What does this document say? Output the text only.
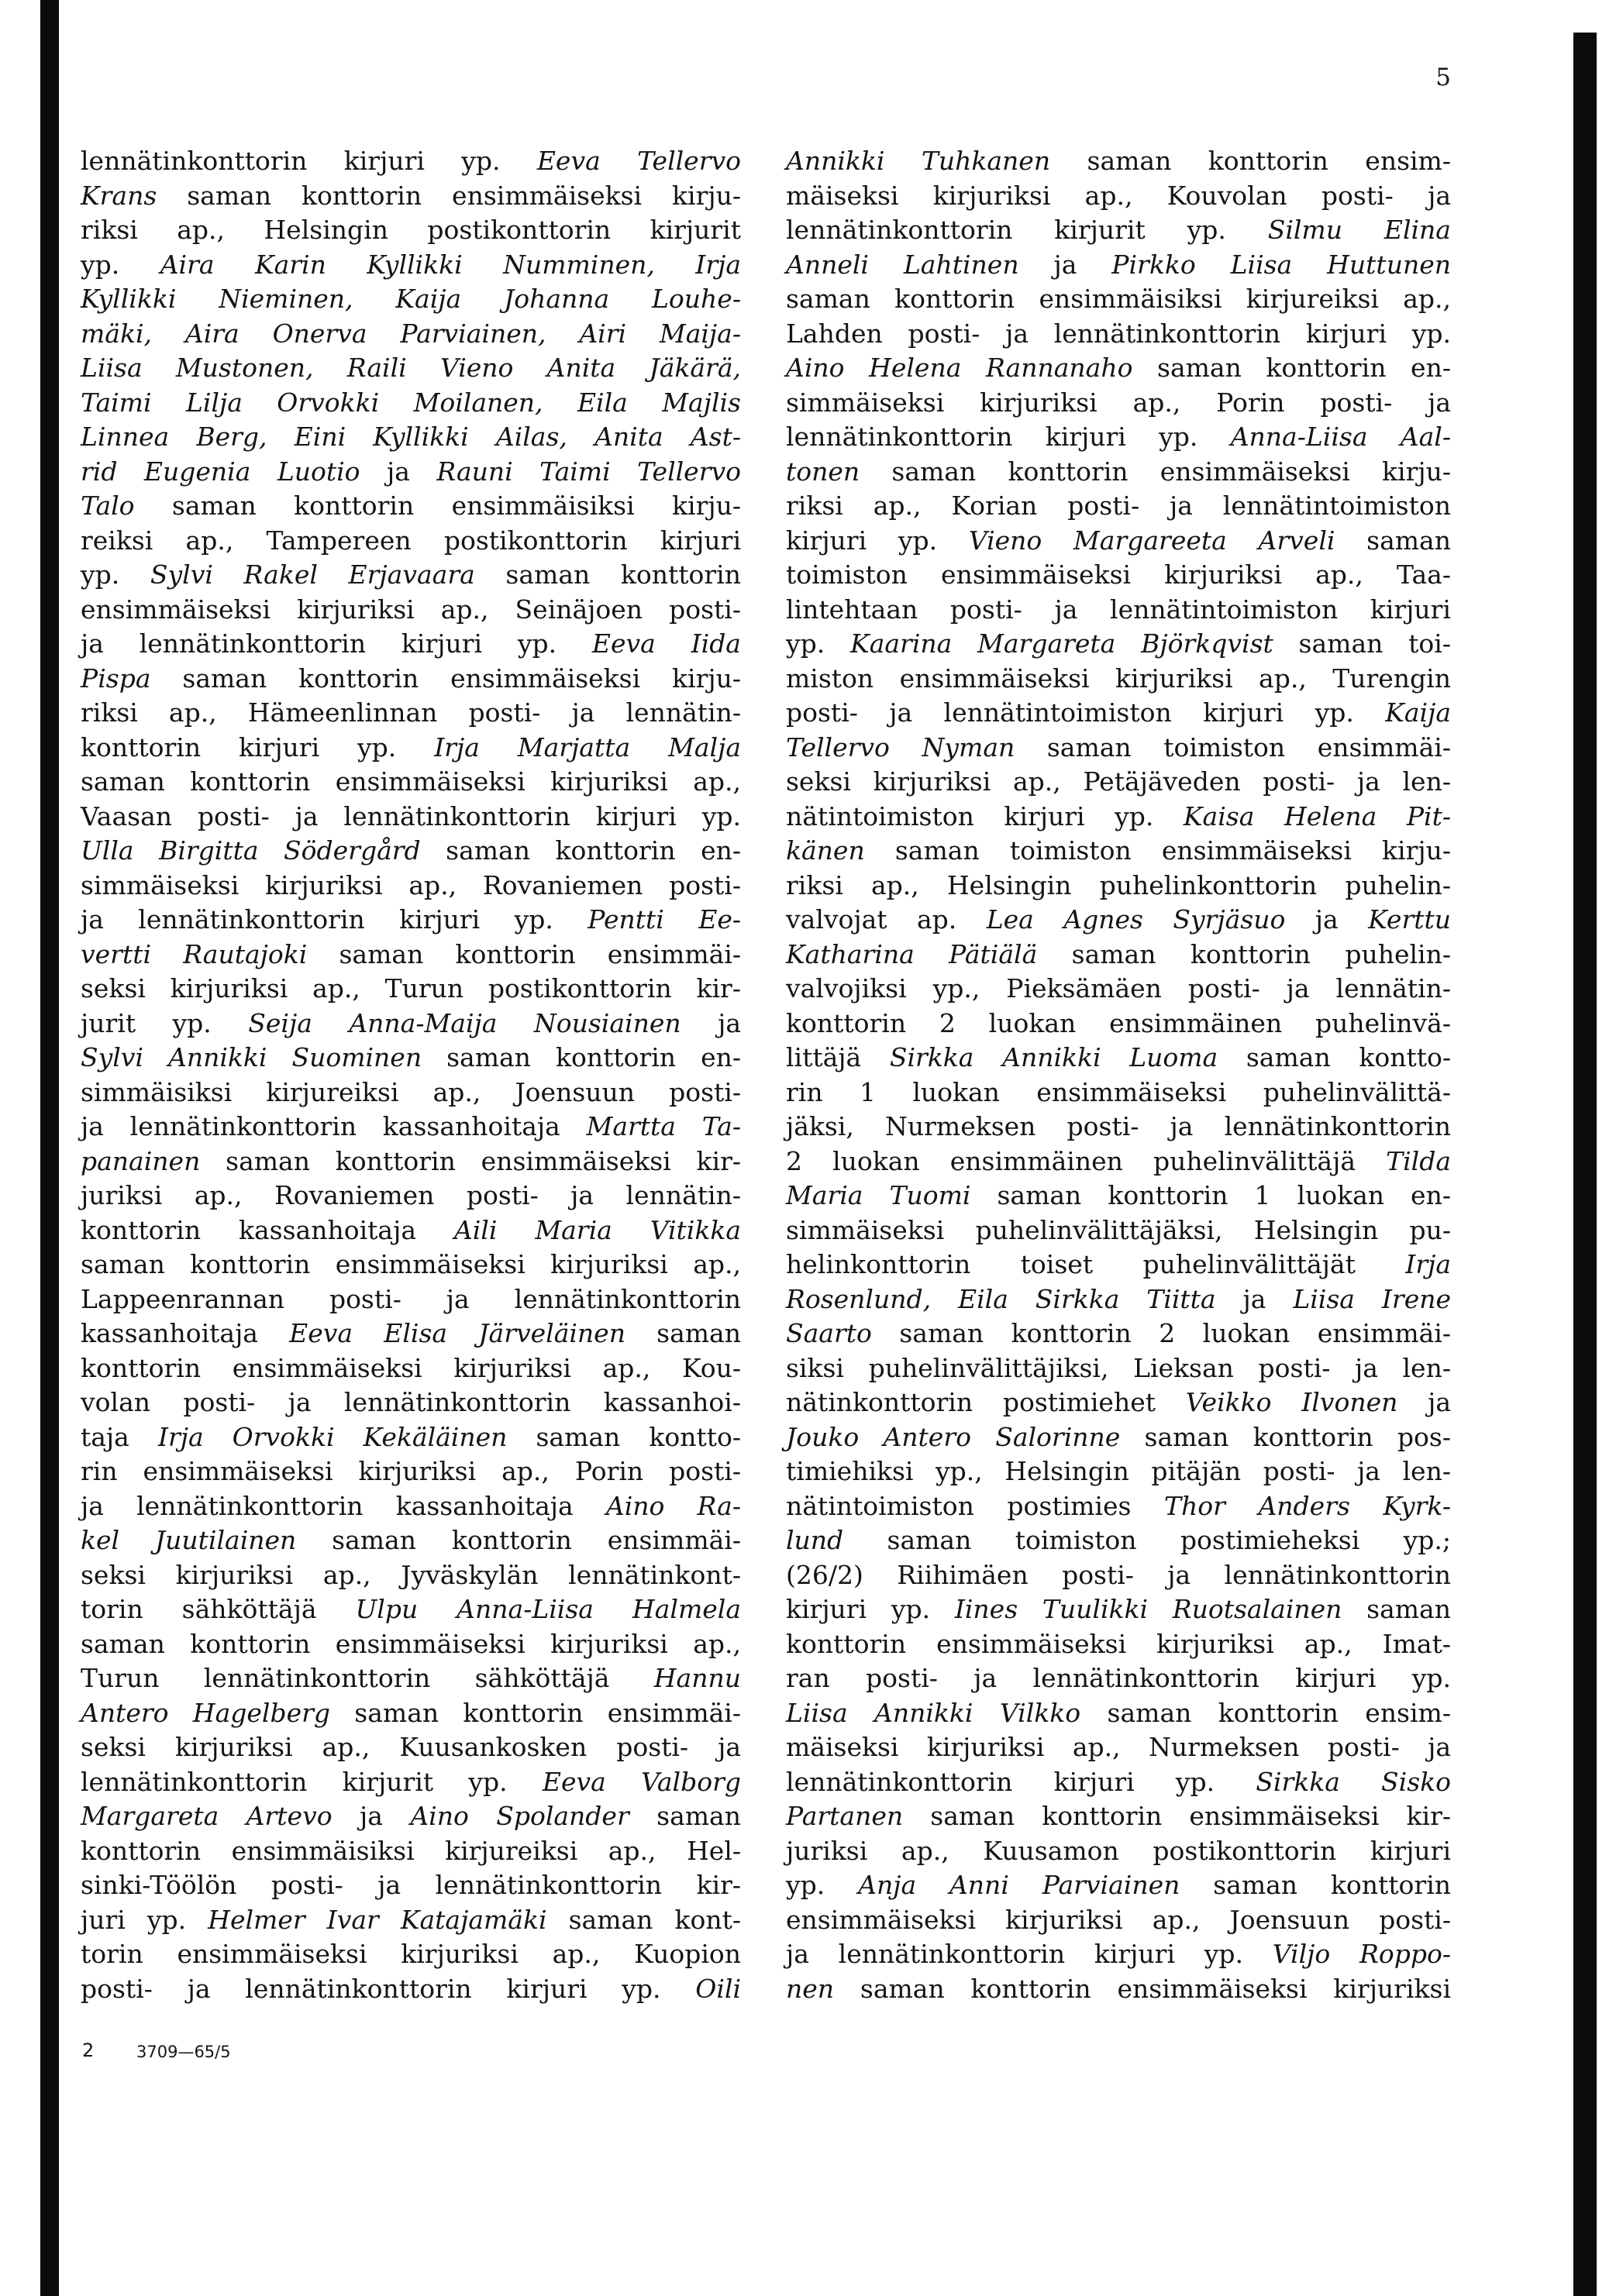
5
lennätinkonttorin kirjuri yp. Eeva Tellervo
Krans saman konttorin ensimmäiseksi kirju-
riksi ap., Helsingin postikonttorin kirjurit
yp. Aira Karin Kyllikki Numminen, Irja
Kyllikki Nieminen, Kaija Johanna Louhe-
mäki, Aira Onerva Parviainen, Airi Maija-
Liisa Mustonen, Raili Vieno Anita Jäkärä,
Taimi Lilja Orvokki Moilanen, Eila Majlis
Linnea Berg, Eini Kyllikki Ailas, Anita Ast-
rid Eugenia Luotio ja Rauni Taimi Tellervo
Talo saman konttorin ensimmäisiksi kirju-
reiksi ap., Tampereen postikonttorin kirjuri
yp. Sylvi Rakel Erjavaara saman konttorin
ensimmäiseksi kirjuriksi ap., Seinäjoen posti-
ja lennätinkonttorin kirjuri yp. Eeva Iida
Pispa saman konttorin ensimmäiseksi kirju-
riksi ap., Hämeenlinnan posti- ja lennätin-
konttorin kirjuri yp. Irja Marjatta Malja
saman konttorin ensimmäiseksi kirjuriksi ap.,
Vaasan posti- ja lennätinkonttorin kirjuri yp.
Ulla Birgitta Södergård saman konttorin en-
simmäiseksi kirjuriksi ap., Rovaniemen posti-
ja lennätinkonttorin kirjuri yp. Pentti Ee-
vertti Rautajoki saman konttorin ensimmäi-
seksi kirjuriksi ap., Turun postikonttorin kir-
jurit yp. Seija Anna-Maija Nousiainen ja
Sylvi Annikki Suominen saman konttorin en-
simmäisiksi kirjureiksi ap., Joensuun posti-
ja lennätinkonttorin kassanhoitaja Martta Ta-
panainen saman konttorin ensimmäiseksi kir-
juriksi ap., Rovaniemen posti- ja lennätin-
konttorin kassanhoitaja Aili Maria Vitikka
saman konttorin ensimmäiseksi kirjuriksi ap.,
Lappeenrannan posti- ja lennätinkonttorin
kassanhoitaja Eeva Elisa Järveläinen saman
konttorin ensimmäiseksi kirjuriksi ap., Kou-
volan posti- ja lennätinkonttorin kassanhoi-
taja Irja Orvokki Kekäläinen saman kontto-
rin ensimmäiseksi kirjuriksi ap., Porin posti-
ja lennätinkonttorin kassanhoitaja Aino Ra-
kel Juutilainen saman konttorin ensimmäi-
seksi kirjuriksi ap., Jyväskylän lennätinkont-
torin sähköttäjä Ulpu Anna-Liisa Halmela
saman konttorin ensimmäiseksi kirjuriksi ap.,
Turun lennätinkonttorin sähköttäjä Hannu
Antero Hagelberg saman konttorin ensimmäi-
seksi kirjuriksi ap., Kuusankosken posti- ja
lennätinkonttorin kirjurit yp. Eeva Valborg
Margareta Artevo ja Aino Spolander saman
konttorin ensimmäisiksi kirjureiksi ap., Hel-
sinki-Töölön posti- ja lennätinkonttorin kir-
juri yp. Helmer Ivar Katajamäki saman kont-
torin ensimmäiseksi kirjuriksi ap., Kuopion
posti- ja lennätinkonttorin kirjuri yp. Oili
Annikki Tuhkanen saman konttorin ensim-
mäiseksi kirjuriksi ap., Kouvolan posti- ja
lennätinkonttorin kirjurit yp. Silmu Elina
Anneli Lahtinen ja Pirkko Liisa Huttunen
saman konttorin ensimmäisiksi kirjureiksi ap.,
Lahden posti- ja lennätinkonttorin kirjuri yp.
Aino Helena Rannanaho saman konttorin en-
simmäiseksi kirjuriksi ap., Porin posti- ja
lennätinkonttorin kirjuri yp. Anna-Liisa Aal-
tonen saman konttorin ensimmäiseksi kirju-
riksi ap., Korian posti- ja lennätintoimiston
kirjuri yp. Vieno Margareeta Arveli saman
toimiston ensimmäiseksi kirjuriksi ap., Taa-
lintehtaan posti- ja lennätintoimiston kirjuri
yp. Kaarina Margareta Björkqvist saman toi-
miston ensimmäiseksi kirjuriksi ap., Turengin
posti- ja lennätintoimiston kirjuri yp. Kaija
Tellervo Nyman saman toimiston ensimmäi-
seksi kirjuriksi ap., Petäjäveden posti- ja len-
nätintoimiston kirjuri yp. Kaisa Helena Pit-
känen saman toimiston ensimmäiseksi kirju-
riksi ap., Helsingin puhelinkonttorin puhelin-
valvojat ap. Lea Agnes Syrjäsuo ja Kerttu
Katharina Pätiälä saman konttorin puhelin-
valvojiksi yp., Pieksämäen posti- ja lennätin-
konttorin 2 luokan ensimmäinen puhelinvä-
littäjä Sirkka Annikki Luoma saman kontto-
rin 1 luokan ensimmäiseksi puhelinvälittä-
jäksi, Nurmeksen posti- ja lennätinkonttorin
2 luokan ensimmäinen puhelinvälittäjä Tilda
Maria Tuomi saman konttorin 1 luokan en-
simmäiseksi puhelinvälittäjäksi, Helsingin pu-
helinkonttorin toiset puhelinvälittäjät Irja
Rosenlund, Eila Sirkka Tiitta ja Liisa Irene
Saarto saman konttorin 2 luokan ensimmäi-
siksi puhelinvälittäjiksi, Lieksan posti- ja len-
nätinkonttorin postimiehet Veikko Ilvonen ja
Jouko Antero Salorinne saman konttorin pos-
timiehiksi yp., Helsingin pitäjän posti- ja len-
nätintoimiston postimies Thor Anders Kyrk-
lund saman toimiston postimieheksi yp.;
(26/2) Riihimäen posti- ja lennätinkonttorin
kirjuri yp. Iines Tuulikki Ruotsalainen saman
konttorin ensimmäiseksi kirjuriksi ap., Imat-
ran posti- ja lennätinkonttorin kirjuri yp.
Liisa Annikki Vilkko saman konttorin ensim-
mäiseksi kirjuriksi ap., Nurmeksen posti- ja
lennätinkonttorin kirjuri yp. Sirkka Sisko
Partanen saman konttorin ensimmäiseksi kir-
juriksi ap., Kuusamon postikonttorin kirjuri
yp. Anja Anni Parviainen saman konttorin
ensimmäiseksi kirjuriksi ap., Joensuun posti-
ja lennätinkonttorin kirjuri yp. Viljo Roppo-
nen saman konttorin ensimmäiseksi kirjuriksi
2	3709—65/5
